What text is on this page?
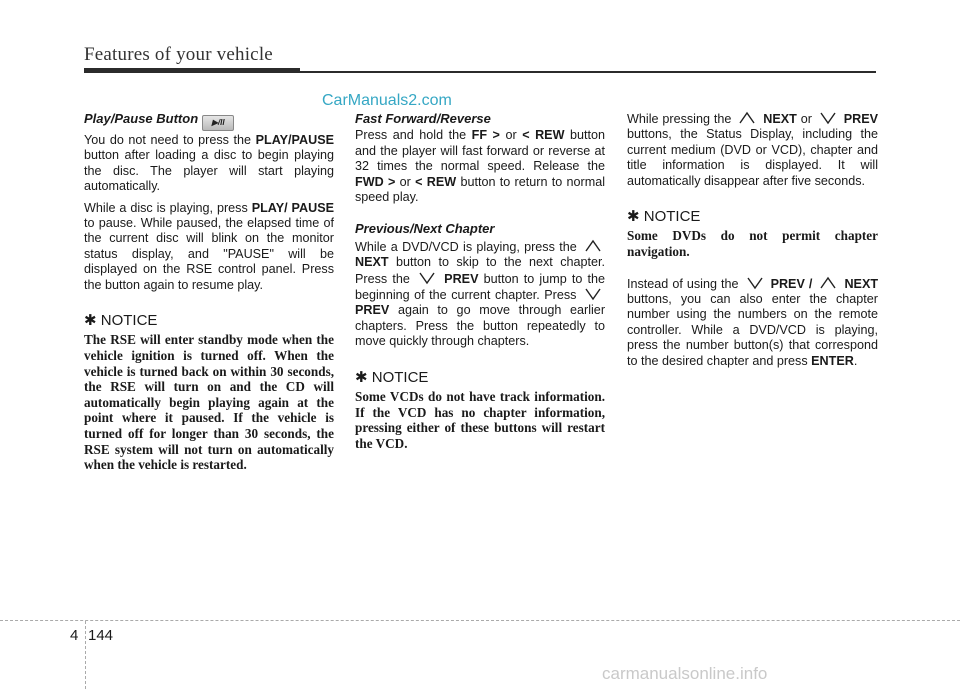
Features of your vehicle
CarManuals2.com
Play/Pause Button ▶/II

You do not need to press the PLAY/PAUSE button after loading a disc to begin playing the disc. The player will start playing automatically.

While a disc is playing, press PLAY/ PAUSE to pause. While paused, the elapsed time of the current disc will blink on the monitor status display, and "PAUSE" will be displayed on the RSE control panel. Press the button again to resume play.

✱ NOTICE
The RSE will enter standby mode when the vehicle ignition is turned off. When the vehicle is turned back on within 30 seconds, the RSE will turn on and the CD will automatically begin playing again at the point where it paused. If the vehicle is turned off for longer than 30 seconds, the RSE system will not turn on automatically when the vehicle is restarted.
Fast Forward/Reverse

Press and hold the FF > or < REW button and the player will fast forward or reverse at 32 times the normal speed. Release the FWD > or < REW button to return to normal speed play.

Previous/Next Chapter

While a DVD/VCD is playing, press the  NEXT button to skip to the next chapter. Press the	PREV button to jump to the beginning of the current chapter. Press  PREV again to go move through earlier chapters. Press the button repeatedly to move quickly through chapters.

✱ NOTICE
Some VCDs do not have track information. If the VCD has no chapter information, pressing either of these buttons will restart the VCD.

While pressing the	NEXT or	PREV buttons, the Status Display, including the current medium (DVD or VCD), chapter and title information is displayed. It will automatically disappear after five seconds.

✱ NOTICE
Some DVDs do not permit chapter navigation.

Instead of using the	PREV /	NEXT buttons, you can also enter the chapter number using the numbers on the remote controller. While a DVD/VCD is playing, press the number button(s) that correspond to the desired chapter and press ENTER.

4 144
carmanualsonline.info
